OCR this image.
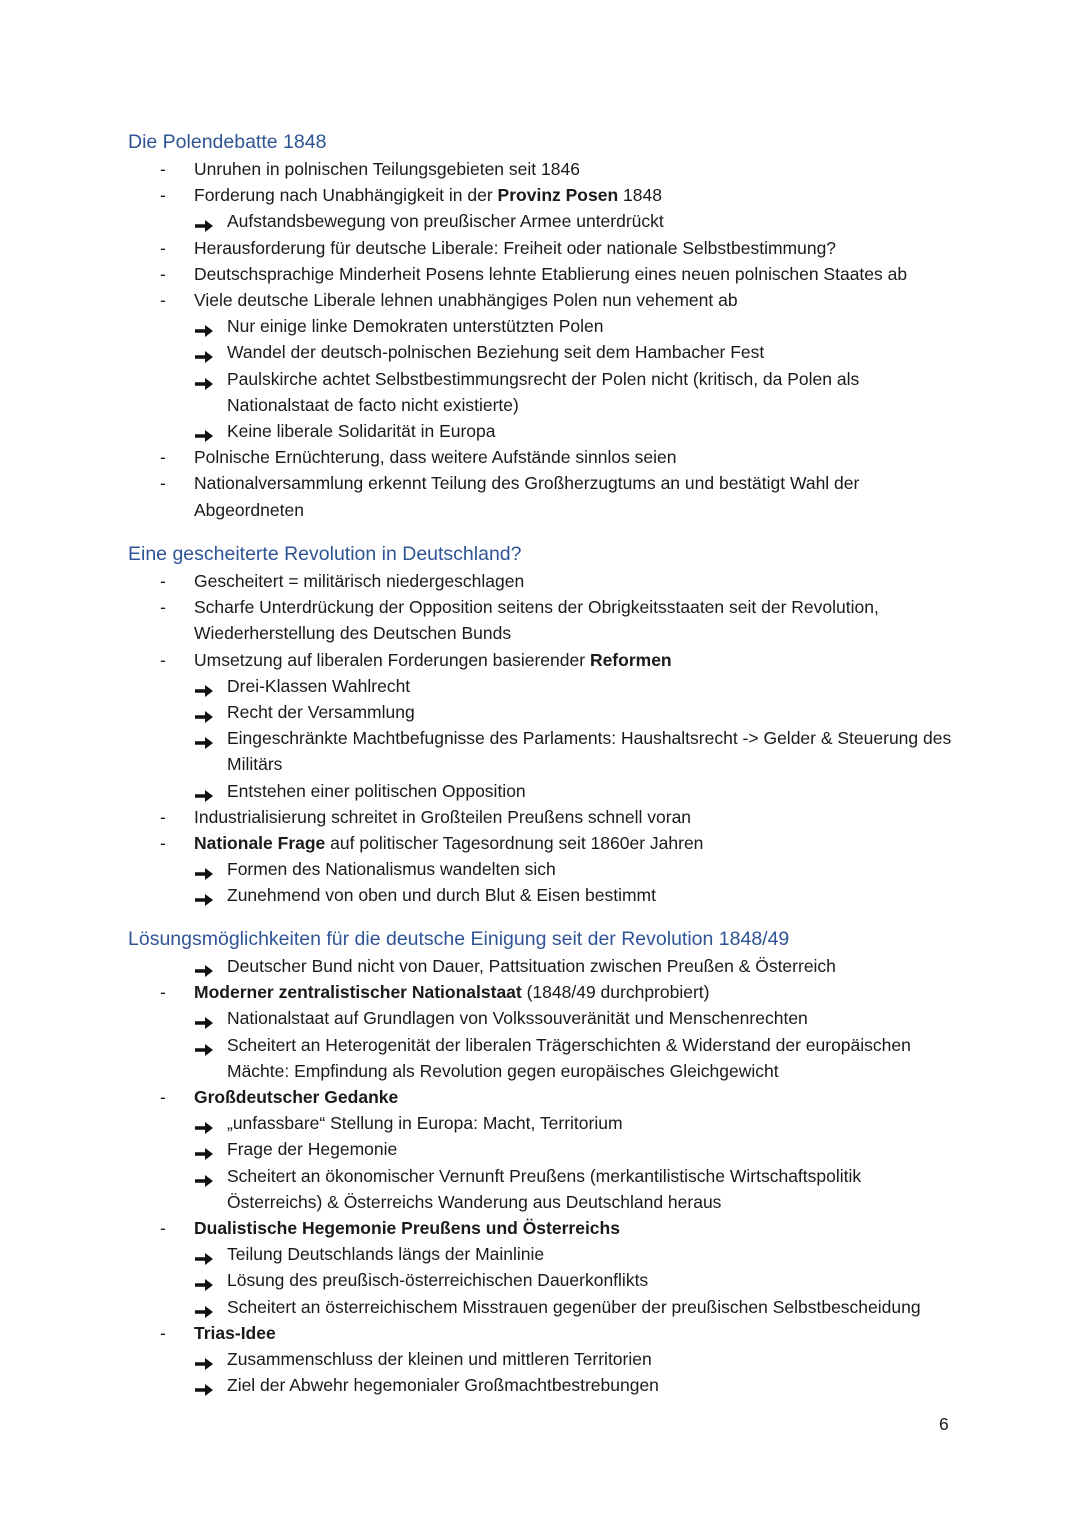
Die Polendebatte 1848
- Unruhen in polnischen Teilungsgebieten seit 1846
- Forderung nach Unabhängigkeit in der Provinz Posen 1848
Aufstandsbewegung von preußischer Armee unterdrückt
- Herausforderung für deutsche Liberale: Freiheit oder nationale Selbstbestimmung?
- Deutschsprachige Minderheit Posens lehnte Etablierung eines neuen polnischen Staates ab
- Viele deutsche Liberale lehnen unabhängiges Polen nun vehement ab
Nur einige linke Demokraten unterstützten Polen
Wandel der deutsch-polnischen Beziehung seit dem Hambacher Fest
Paulskirche achtet Selbstbestimmungsrecht der Polen nicht (kritisch, da Polen als Nationalstaat de facto nicht existierte)
Keine liberale Solidarität in Europa
- Polnische Ernüchterung, dass weitere Aufstände sinnlos seien
- Nationalversammlung erkennt Teilung des Großherzugtums an und bestätigt Wahl der Abgeordneten
Eine gescheiterte Revolution in Deutschland?
- Gescheitert = militärisch niedergeschlagen
- Scharfe Unterdrückung der Opposition seitens der Obrigkeitsstaaten seit der Revolution, Wiederherstellung des Deutschen Bunds
- Umsetzung auf liberalen Forderungen basierender Reformen
Drei-Klassen Wahlrecht
Recht der Versammlung
Eingeschränkte Machtbefugnisse des Parlaments: Haushaltsrecht -> Gelder & Steuerung des Militärs
Entstehen einer politischen Opposition
- Industrialisierung schreitet in Großteilen Preußens schnell voran
- Nationale Frage auf politischer Tagesordnung seit 1860er Jahren
Formen des Nationalismus wandelten sich
Zunehmend von oben und durch Blut & Eisen bestimmt
Lösungsmöglichkeiten für die deutsche Einigung seit der Revolution 1848/49
Deutscher Bund nicht von Dauer, Pattsituation zwischen Preußen & Österreich
- Moderner zentralistischer Nationalstaat (1848/49 durchprobiert)
Nationalstaat auf Grundlagen von Volkssouveränität und Menschenrechten
Scheitert an Heterogenität der liberalen Trägerschichten & Widerstand der europäischen Mächte: Empfindung als Revolution gegen europäisches Gleichgewicht
- Großdeutscher Gedanke
„unfassbare“ Stellung in Europa: Macht, Territorium
Frage der Hegemonie
Scheitert an ökonomischer Vernunft Preußens (merkantilistische Wirtschaftspolitik Österreichs) & Österreichs Wanderung aus Deutschland heraus
- Dualistische Hegemonie Preußens und Österreichs
Teilung Deutschlands längs der Mainlinie
Lösung des preußisch-österreichischen Dauerkonflikts
Scheitert an österreichischem Misstrauen gegenüber der preußischen Selbstbescheidung
- Trias-Idee
Zusammenschluss der kleinen und mittleren Territorien
Ziel der Abwehr hegemonialer Großmachtbestrebungen
6
